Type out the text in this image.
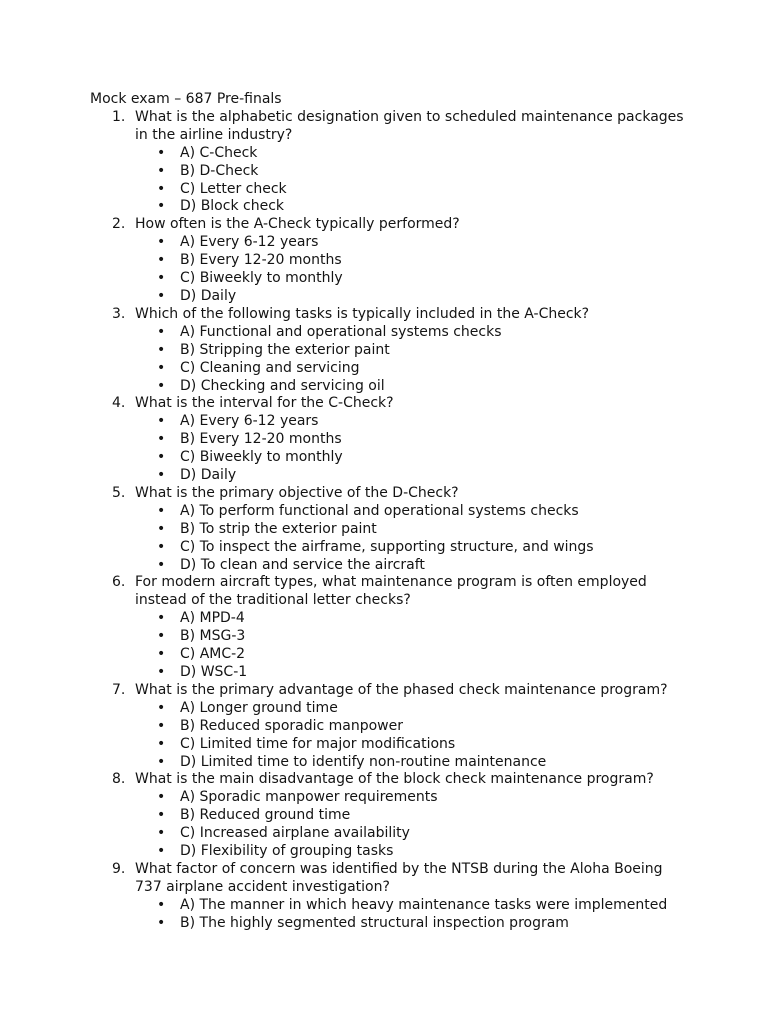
Mock exam – 687 Pre-finals
1. What is the alphabetic designation given to scheduled maintenance packages in the airline industry?
• A) C-Check
• B) D-Check
• C) Letter check
• D) Block check
2. How often is the A-Check typically performed?
• A) Every 6-12 years
• B) Every 12-20 months
• C) Biweekly to monthly
• D) Daily
3. Which of the following tasks is typically included in the A-Check?
• A) Functional and operational systems checks
• B) Stripping the exterior paint
• C) Cleaning and servicing
• D) Checking and servicing oil
4. What is the interval for the C-Check?
• A) Every 6-12 years
• B) Every 12-20 months
• C) Biweekly to monthly
• D) Daily
5. What is the primary objective of the D-Check?
• A) To perform functional and operational systems checks
• B) To strip the exterior paint
• C) To inspect the airframe, supporting structure, and wings
• D) To clean and service the aircraft
6. For modern aircraft types, what maintenance program is often employed instead of the traditional letter checks?
• A) MPD-4
• B) MSG-3
• C) AMC-2
• D) WSC-1
7. What is the primary advantage of the phased check maintenance program?
• A) Longer ground time
• B) Reduced sporadic manpower
• C) Limited time for major modifications
• D) Limited time to identify non-routine maintenance
8. What is the main disadvantage of the block check maintenance program?
• A) Sporadic manpower requirements
• B) Reduced ground time
• C) Increased airplane availability
• D) Flexibility of grouping tasks
9. What factor of concern was identified by the NTSB during the Aloha Boeing 737 airplane accident investigation?
• A) The manner in which heavy maintenance tasks were implemented
• B) The highly segmented structural inspection program
